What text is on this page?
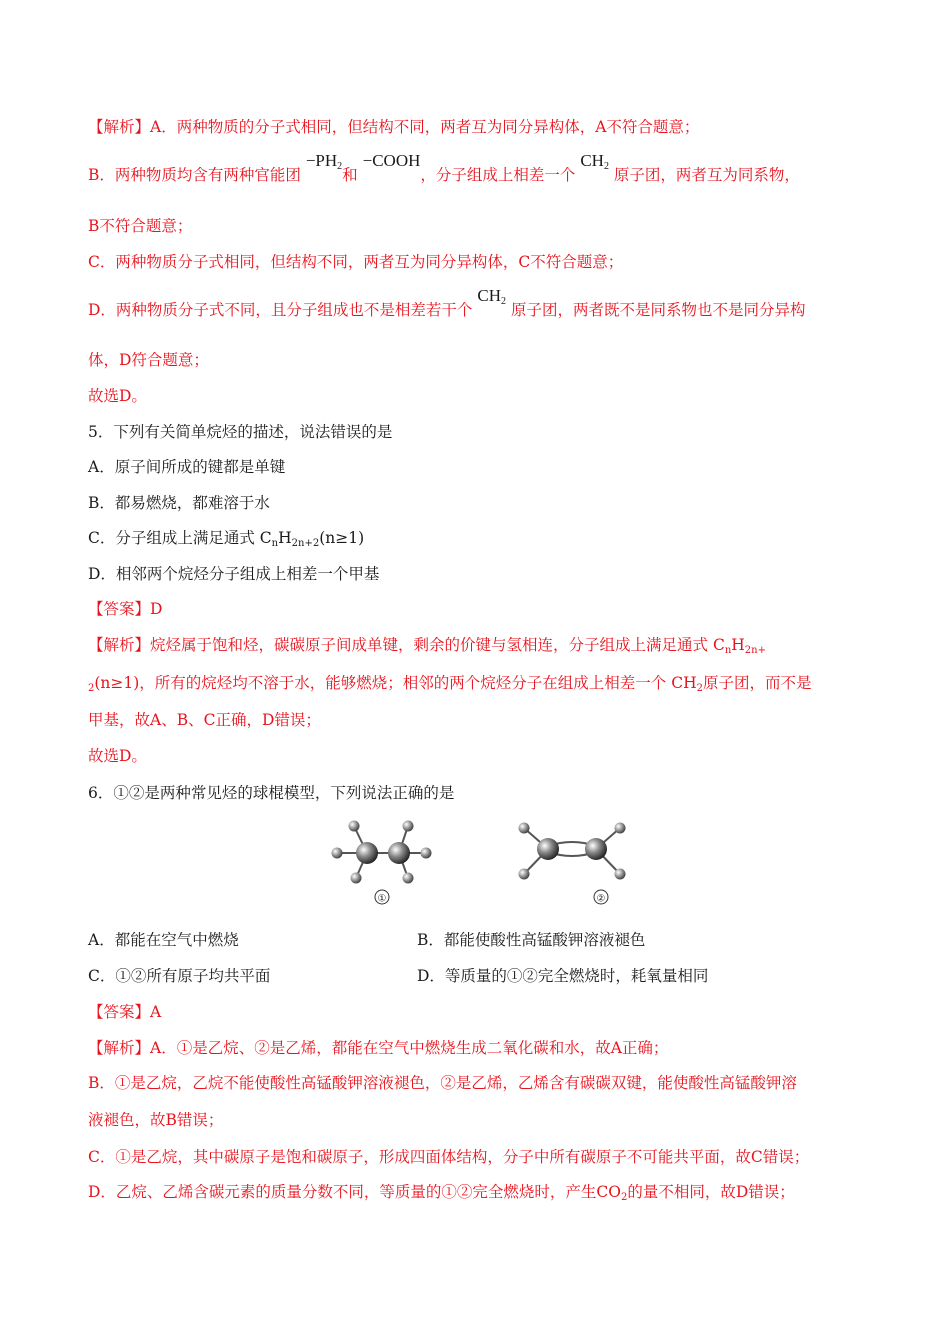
【解析】A．两种物质的分子式相同，但结构不同，两者互为同分异构体，A不符合题意；
B．两种物质均含有两种官能团 $-PH_2$和 −COOH，分子组成上相差一个 $CH_2$ 原子团，两者互为同系物，
B不符合题意；
C．两种物质分子式相同，但结构不同，两者互为同分异构体，C不符合题意；
D．两种物质分子式不同，且分子组成也不是相差若干个 $CH_2$ 原子团，两者既不是同系物也不是同分异构
体，D符合题意；
故选D。
5．下列有关简单烷烃的描述，说法错误的是
A．原子间所成的键都是单键
B．都易燃烧，都难溶于水
C．分子组成上满足通式 $C_nH_{2n+2}(n\ge 1)$
D．相邻两个烷烃分子组成上相差一个甲基
【答案】D
【解析】烷烃属于饱和烃，碳碳原子间成单键，剩余的价键与氢相连，分子组成上满足通式 $C_nH_{2n+}$
$_2$(n≥1)，所有的烷烃均不溶于水，能够燃烧；相邻的两个烷烃分子在组成上相差一个 $CH_2$原子团，而不是
甲基，故A、B、C正确，D错误；
故选D。
6．①②是两种常见烃的球棍模型，下列说法正确的是
①	②
A．都能在空气中燃烧	B．都能使酸性高锰酸钾溶液褪色
C．①②所有原子均共平面	D．等质量的①②完全燃烧时，耗氧量相同
【答案】A
【解析】A．①是乙烷、②是乙烯，都能在空气中燃烧生成二氧化碳和水，故A正确；
B．①是乙烷，乙烷不能使酸性高锰酸钾溶液褪色，②是乙烯，乙烯含有碳碳双键，能使酸性高锰酸钾溶
液褪色，故B错误；
C．①是乙烷，其中碳原子是饱和碳原子，形成四面体结构，分子中所有碳原子不可能共平面，故C错误；
D．乙烷、乙烯含碳元素的质量分数不同，等质量的①②完全燃烧时，产生$CO_2$的量不相同，故D错误；
